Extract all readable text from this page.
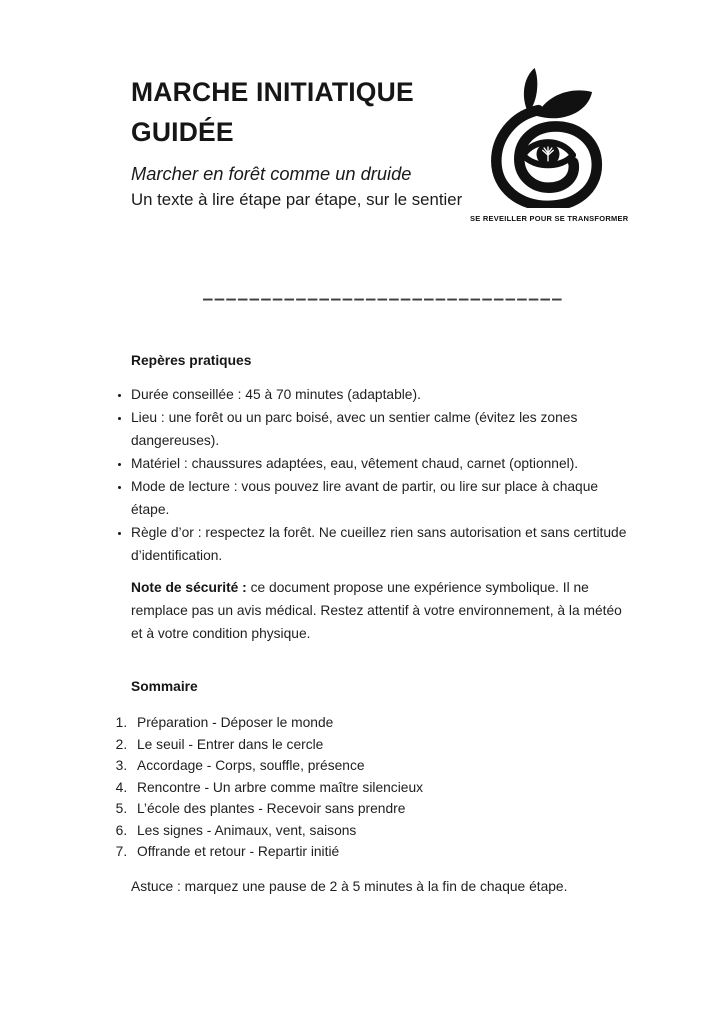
SE REVEILLER POUR SE TRANSFORMER
MARCHE INITIATIQUE
GUIDÉE

Marcher en forêt comme un druide

Un texte à lire étape par étape, sur le sentier

———————————————————————————————
Repères pratiques
• Durée conseillée : 45 à 70 minutes (adaptable).
• Lieu : une forêt ou un parc boisé, avec un sentier calme (évitez les zones dangereuses).
• Matériel : chaussures adaptées, eau, vêtement chaud, carnet (optionnel).
• Mode de lecture : vous pouvez lire avant de partir, ou lire sur place à chaque étape.
• Règle d’or : respectez la forêt. Ne cueillez rien sans autorisation et sans certitude d’identification.

Note de sécurité : ce document propose une expérience symbolique. Il ne remplace pas un avis médical. Restez attentif à votre environnement, à la météo et à votre condition physique.

Sommaire
1. Préparation - Déposer le monde
2. Le seuil - Entrer dans le cercle
3. Accordage - Corps, souffle, présence
4. Rencontre - Un arbre comme maître silencieux
5. L’école des plantes - Recevoir sans prendre
6. Les signes - Animaux, vent, saisons
7. Offrande et retour - Repartir initié

Astuce : marquez une pause de 2 à 5 minutes à la fin de chaque étape.
